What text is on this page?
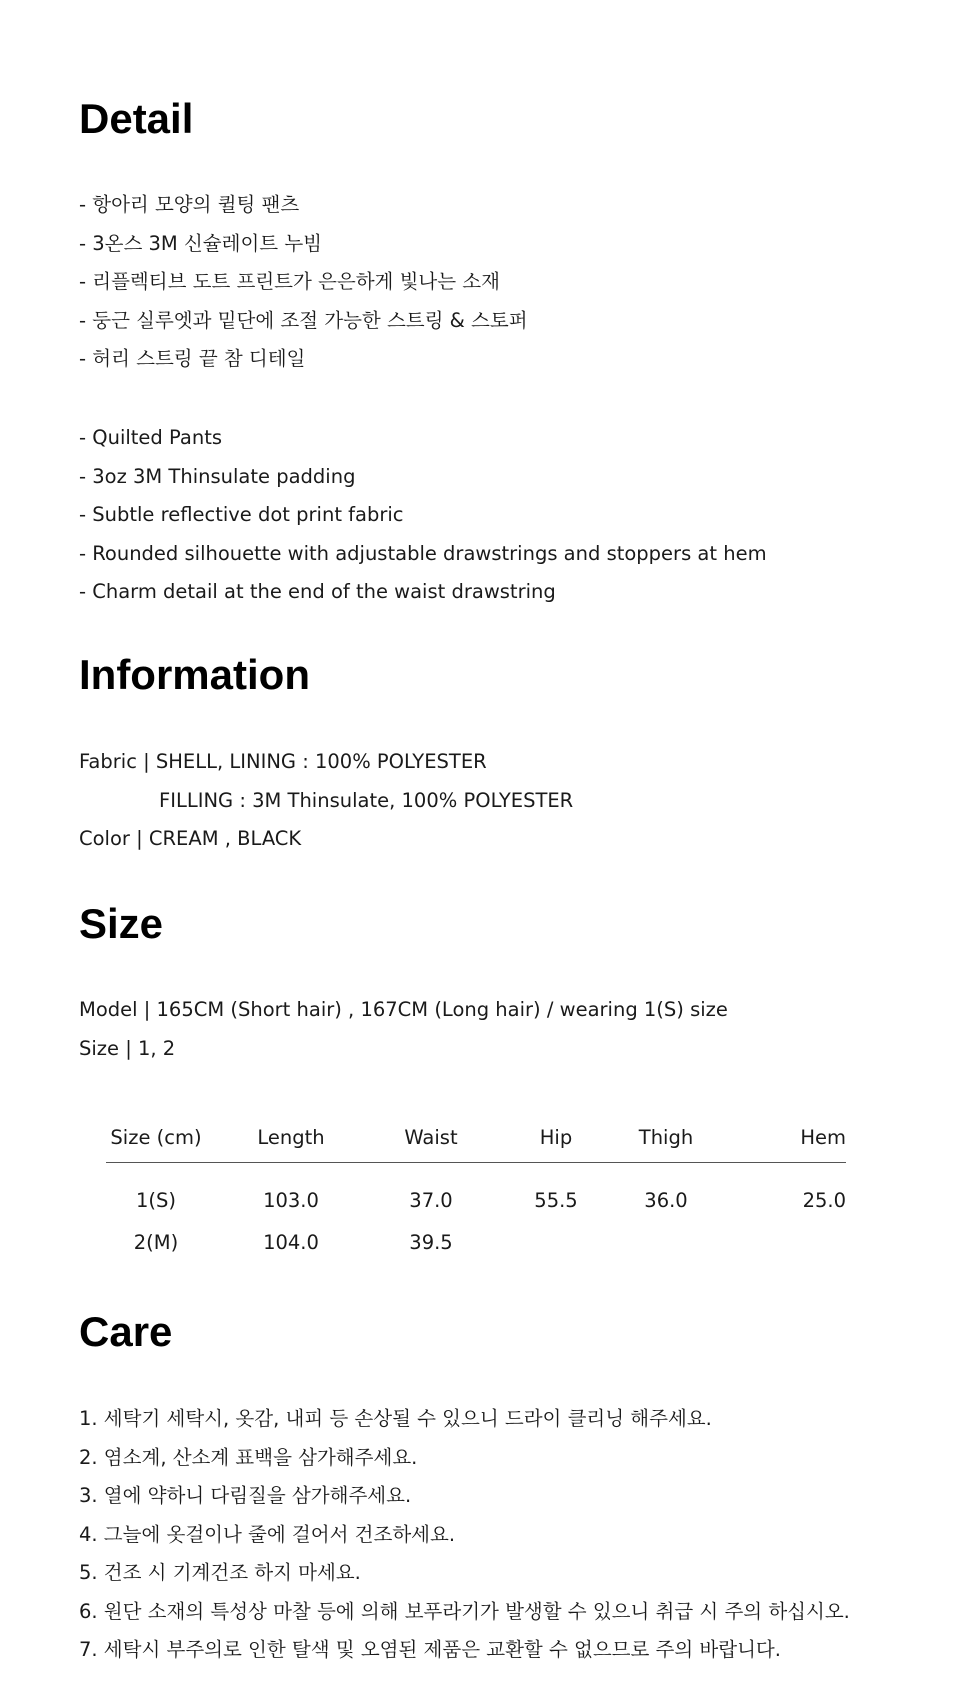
Detail
- 항아리 모양의 퀼팅 팬츠
- 3온스 3M 신슐레이트 누빔
- 리플렉티브 도트 프린트가 은은하게 빛나는 소재
- 둥근 실루엣과 밑단에 조절 가능한 스트링 & 스토퍼
- 허리 스트링 끝 참 디테일
- Quilted Pants
- 3oz 3M Thinsulate padding
- Subtle reflective dot print fabric
- Rounded silhouette with adjustable drawstrings and stoppers at hem
- Charm detail at the end of the waist drawstring
Information
Fabric | SHELL, LINING : 100% POLYESTER
FILLING : 3M Thinsulate, 100% POLYESTER
Color | CREAM , BLACK
Size
Model | 165CM (Short hair) , 167CM (Long hair) / wearing 1(S) size
Size | 1, 2
Size (cm)	Length	Waist	Hip	Thigh	Hem
1(S)	103.0	37.0	55.5	36.0	25.0
2(M)	104.0	39.5			
Care
1. 세탁기 세탁시, 옷감, 내피 등 손상될 수 있으니 드라이 클리닝 해주세요.
2. 염소계, 산소계 표백을 삼가해주세요.
3. 열에 약하니 다림질을 삼가해주세요.
4. 그늘에 옷걸이나 줄에 걸어서 건조하세요.
5. 건조 시 기계건조 하지 마세요.
6. 원단 소재의 특성상 마찰 등에 의해 보푸라기가 발생할 수 있으니 취급 시 주의 하십시오.
7. 세탁시 부주의로 인한 탈색 및 오염된 제품은 교환할 수 없으므로 주의 바랍니다.
